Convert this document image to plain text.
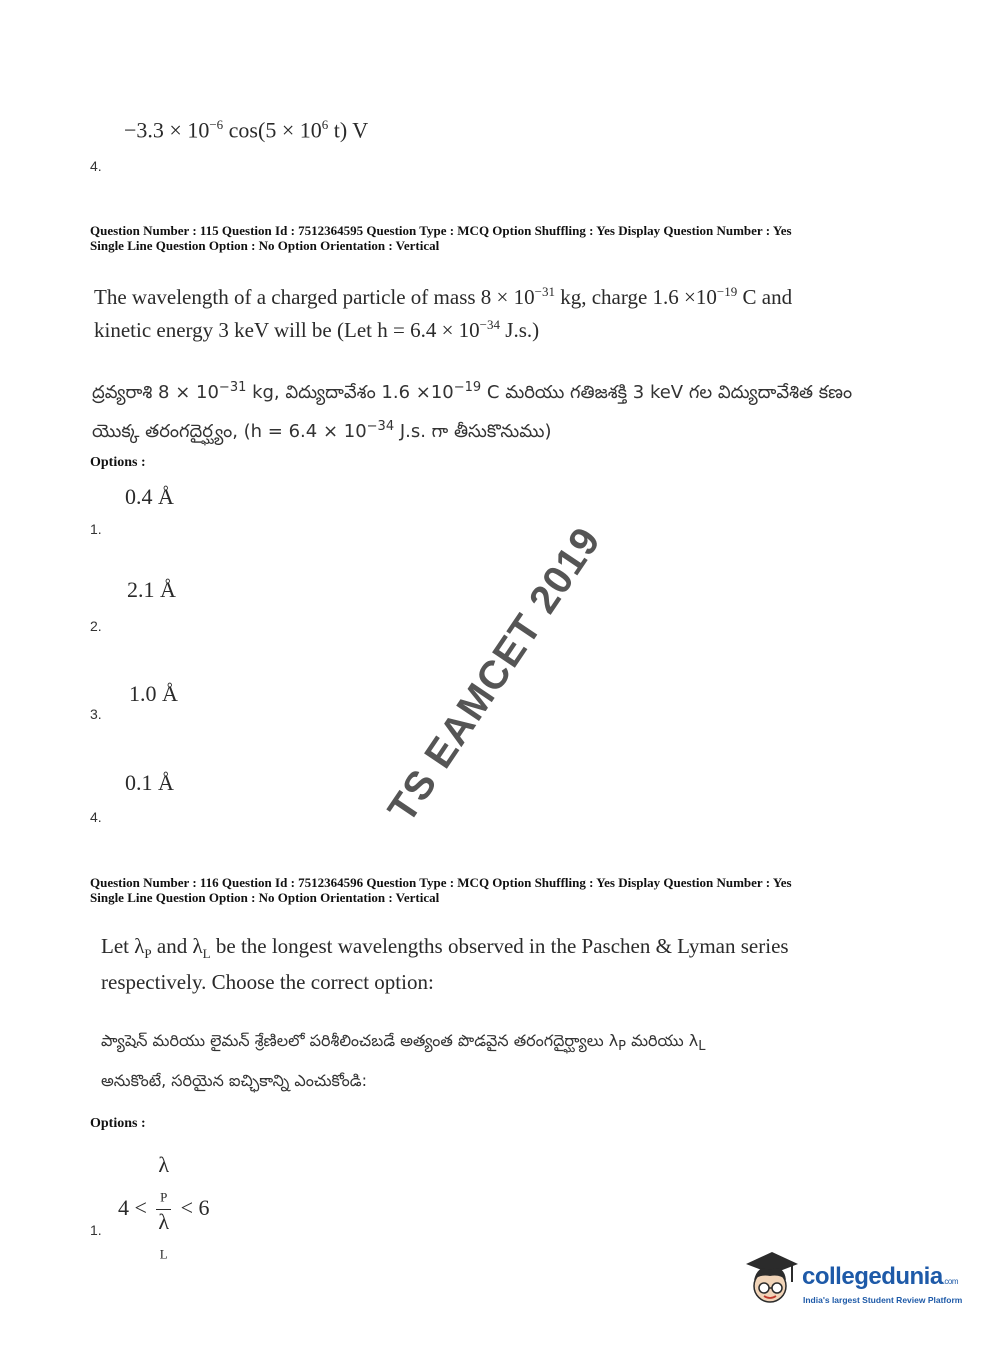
$-3.3 \times 10^{-6}$ $\cos(5 \times 10^6$ t) V
4.
Question Number : 115 Question Id : 7512364595 Question Type : MCQ Option Shuffling : Yes Display Question Number : Yes
Single Line Question Option : No Option Orientation : Vertical
The wavelength of a charged particle of mass $8 \times 10^{-31}$ kg, charge $1.6 \times 10^{-19}$ C and
kinetic energy 3 keV will be (Let $h = 6.4 \times 10^{-34}$ J.s.)
ద్రవ్యరాశి $8 \times 10^{-31}$ kg, విద్యుదావేశం $1.6 \times 10^{-19}$ C మరియు గతిజశక్తి 3 keV గల విద్యుదావేశిత కణం
యొక్క తరంగదైర్ఘ్యం, ($h = 6.4 \times 10^{-34}$ J.s. గా తీసుకొనుము)
Options :
0.4 Å
1.
2.1 Å
2.
1.0 Å
3.
0.1 Å
4.	TS EAMCET 2019
Question Number : 116 Question Id : 7512364596 Question Type : MCQ Option Shuffling : Yes Display Question Number : Yes
Single Line Question Option : No Option Orientation : Vertical
Let $\lambda_P$ and $\lambda_L$ be the longest wavelengths observed in the Paschen & Lyman series
respectively. Choose the correct option:
ప్యాషెన్ మరియు లైమన్ శ్రేణిలలో పరిశీలించబడే అత్యంత పొడవైన తరంగదైర్ఘ్యాలు $\lambda_P$ మరియు $\lambda_L$
అనుకొంటే, సరియైన ఐచ్ఛికాన్ని ఎంచుకోండి:
Options :
4 < λ
$_P$
λ
$_L$ < 6
1.
collegedunia.com
India's largest Student Review Platform
